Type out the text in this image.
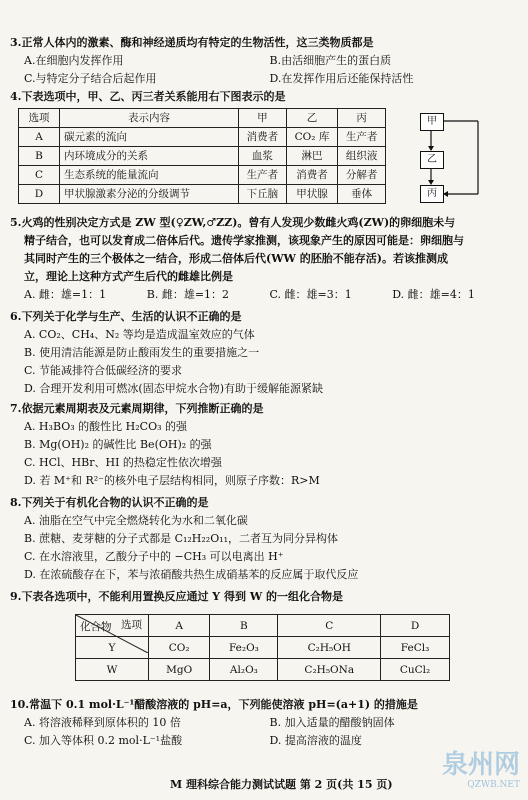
3.正常人体内的激素、酶和神经递质均有特定的生物活性，这三类物质都是
A.在细胞内发挥作用	B.由活细胞产生的蛋白质
C.与特定分子结合后起作用	D.在发挥作用后还能保持活性
4.下表选项中，甲、乙、丙三者关系能用右下图表示的是
选项	表示内容	甲	乙	丙
A	碳元素的流向	消费者	CO₂ 库	生产者
B	内环境成分的关系	血浆	淋巴	组织液
C	生态系统的能量流向	生产者	消费者	分解者
D	甲状腺激素分泌的分级调节	下丘脑	甲状腺	垂体
甲
乙
丙
5.火鸡的性别决定方式是 ZW 型(♀ZW,♂ZZ)。曾有人发现少数雌火鸡(ZW)的卵细胞未与
精子结合，也可以发育成二倍体后代。遗传学家推测，该现象产生的原因可能是：卵细胞与
其同时产生的三个极体之一结合，形成二倍体后代(WW 的胚胎不能存活)。若该推测成
立，理论上这种方式产生后代的雌雄比例是
A. 雌：雄=1：1	B. 雌：雄=1：2	C. 雌：雄=3：1	D. 雌：雄=4：1
6.下列关于化学与生产、生活的认识不正确的是
A. CO₂、CH₄、N₂ 等均是造成温室效应的气体
B. 使用清洁能源是防止酸雨发生的重要措施之一
C. 节能减排符合低碳经济的要求
D. 合理开发利用可燃冰(固态甲烷水合物)有助于缓解能源紧缺
7.依据元素周期表及元素周期律，下列推断正确的是
A. H₃BO₃ 的酸性比 H₂CO₃ 的强
B. Mg(OH)₂ 的碱性比 Be(OH)₂ 的强
C. HCl、HBr、HI 的热稳定性依次增强
D. 若 M⁺和 R²⁻的核外电子层结构相同，则原子序数：R>M
8.下列关于有机化合物的认识不正确的是
A. 油脂在空气中完全燃烧转化为水和二氧化碳
B. 蔗糖、麦芽糖的分子式都是 C₁₂H₂₂O₁₁，二者互为同分异构体
C. 在水溶液里，乙酸分子中的 −CH₃ 可以电离出 H⁺
D. 在浓硫酸存在下，苯与浓硝酸共热生成硝基苯的反应属于取代反应
9.下表各选项中，不能利用置换反应通过 Y 得到 W 的一组化合物是
选项
化合物	A	B	C	D
Y	CO₂	Fe₂O₃	C₂H₅OH	FeCl₃
W	MgO	Al₂O₃	C₂H₅ONa	CuCl₂
10.常温下 0.1 mol·L⁻¹醋酸溶液的 pH=a，下列能使溶液 pH=(a+1) 的措施是
A. 将溶液稀释到原体积的 10 倍	B. 加入适量的醋酸钠固体
C. 加入等体积 0.2 mol·L⁻¹盐酸	D. 提高溶液的温度
M 理科综合能力测试试题 第 2 页(共 15 页)
泉州网
QZWB.NET
